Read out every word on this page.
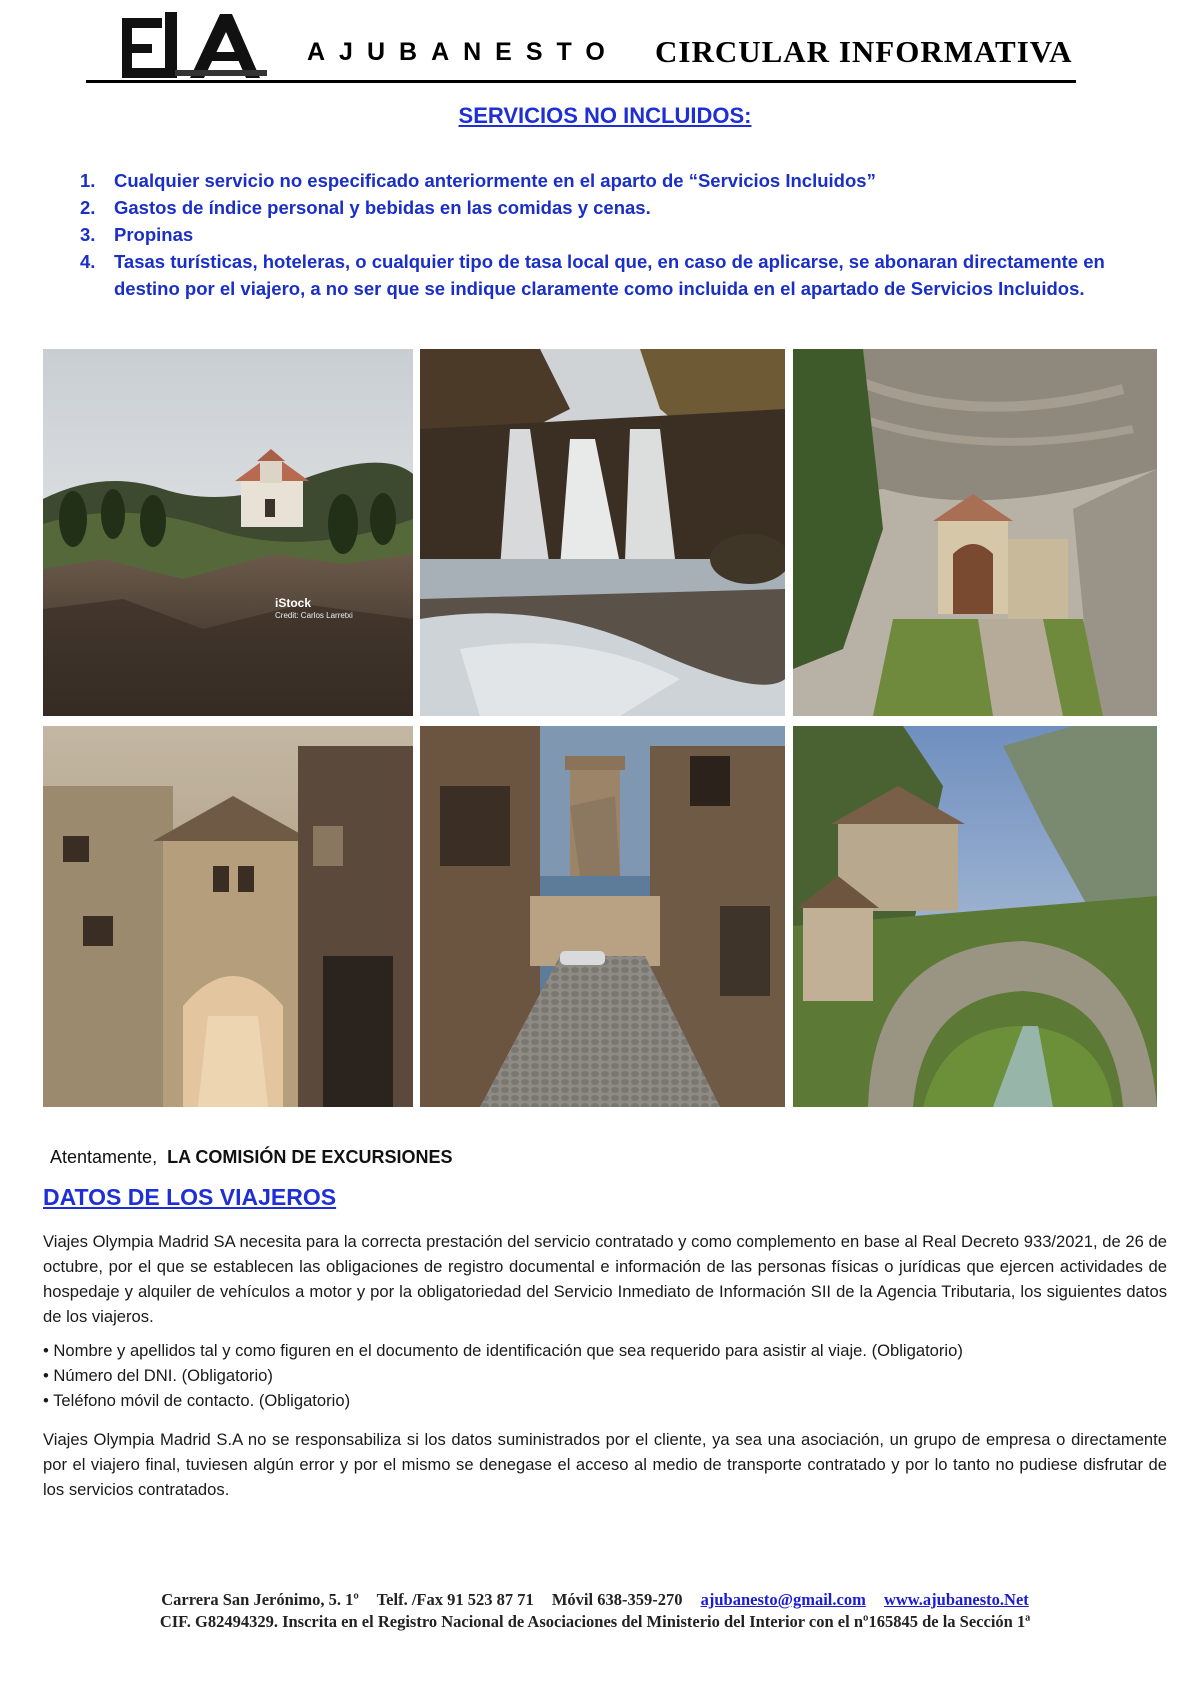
AJUBANESTO CIRCULAR INFORMATIVA
SERVICIOS NO INCLUIDOS:
1. Cualquier servicio no especificado anteriormente en el aparto de “Servicios Incluidos”
2. Gastos de índice personal y bebidas en las comidas y cenas.
3. Propinas
4. Tasas turísticas, hoteleras, o cualquier tipo de tasa local que, en caso de aplicarse, se abonaran directamente en destino por el viajero, a no ser que se indique claramente como incluida en el apartado de Servicios Incluidos.
iStock
Credit: Carlos Larretxi
Atentamente, LA COMISIÓN DE EXCURSIONES
DATOS DE LOS VIAJEROS
Viajes Olympia Madrid SA necesita para la correcta prestación del servicio contratado y como complemento en base al Real Decreto 933/2021, de 26 de octubre, por el que se establecen las obligaciones de registro documental e información de las personas físicas o jurídicas que ejercen actividades de hospedaje y alquiler de vehículos a motor y por la obligatoriedad del Servicio Inmediato de Información SII de la Agencia Tributaria, los siguientes datos de los viajeros.
• Nombre y apellidos tal y como figuren en el documento de identificación que sea requerido para asistir al viaje. (Obligatorio)
• Número del DNI. (Obligatorio)
• Teléfono móvil de contacto. (Obligatorio)
Viajes Olympia Madrid S.A no se responsabiliza si los datos suministrados por el cliente, ya sea una asociación, un grupo de empresa o directamente por el viajero final, tuviesen algún error y por el mismo se denegase el acceso al medio de transporte contratado y por lo tanto no pudiese disfrutar de los servicios contratados.
Carrera San Jerónimo, 5. 1º Telf. /Fax 91 523 87 71 Móvil 638-359-270 ajubanesto@gmail.com www.ajubanesto.Net
CIF. G82494329. Inscrita en el Registro Nacional de Asociaciones del Ministerio del Interior con el nº165845 de la Sección 1ª
